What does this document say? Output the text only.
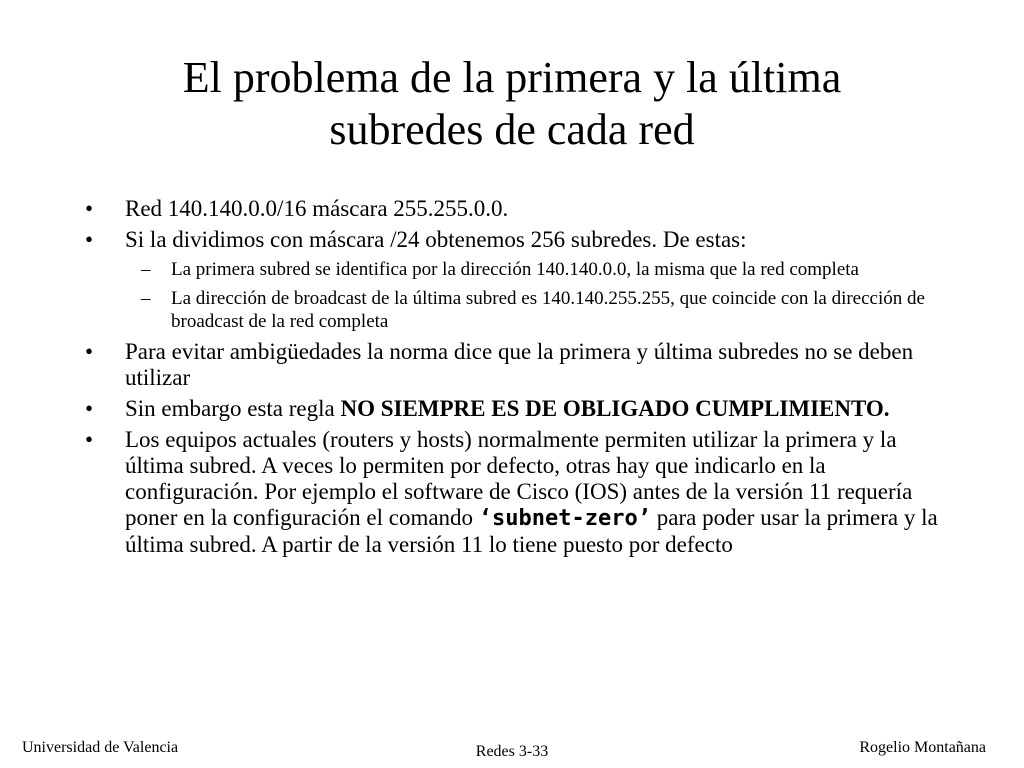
El problema de la primera y la última
subredes de cada red
• Red 140.140.0.0/16 máscara 255.255.0.0.
• Si la dividimos con máscara /24 obtenemos 256 subredes. De estas:
– La primera subred se identifica por la dirección 140.140.0.0, la misma que la red completa
– La dirección de broadcast de la última subred es 140.140.255.255, que coincide con la dirección de broadcast de la red completa
• Para evitar ambigüedades la norma dice que la primera y última subredes no se deben utilizar
• Sin embargo esta regla NO SIEMPRE ES DE OBLIGADO CUMPLIMIENTO.
• Los equipos actuales (routers y hosts) normalmente permiten utilizar la primera y la última subred. A veces lo permiten por defecto, otras hay que indicarlo en la configuración. Por ejemplo el software de Cisco (IOS) antes de la versión 11 requería poner en la configuración el comando ‘subnet-zero’ para poder usar la primera y la última subred. A partir de la versión 11 lo tiene puesto por defecto
Universidad de Valencia	Redes 3-33	Rogelio Montañana
